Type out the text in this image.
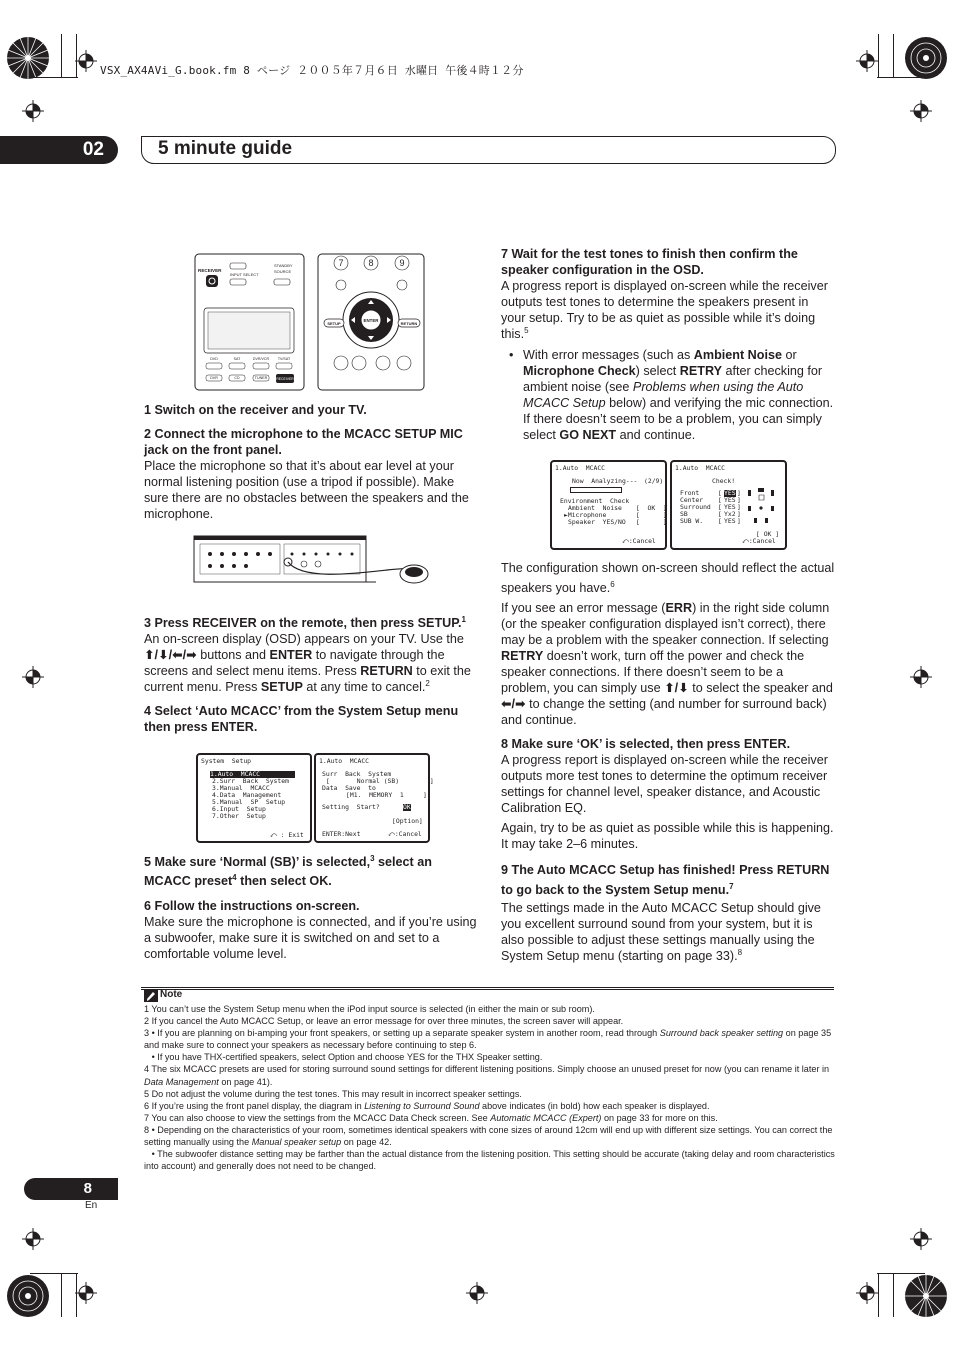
VSX_AX4AVi_G.book.fm 8 ページ ２００５年７月６日 水曜日 午後４時１２分
02	5 minute guide
RECEIVER
INPUT SELECT
STANDBY
SOURCE
DVD	SAT	DVR/VCR TV/SAT
DVR	CD	TUNER	RECEIVER
7	8	9
ENTER
SETUP	RETURN

1 Switch on the receiver and your TV.

2 Connect the microphone to the MCACC SETUP MIC jack on the front panel.

Place the microphone so that it’s about ear level at your normal listening position (use a tripod if possible). Make sure there are no obstacles between the speakers and the microphone.

3 Press RECEIVER on the remote, then press SETUP.$^1$

An on-screen display (OSD) appears on your TV. Use the ⬆/⬇/⬅/➡ buttons and ENTER to navigate through the screens and select menu items. Press RETURN to exit the current menu. Press SETUP at any time to cancel.$^2$

4 Select ‘Auto MCACC’ from the System Setup menu then press ENTER.

System  Setup
1.Auto  MCACC
2.Surr  Back  System
3.Manual  MCACC
4.Data  Management
5.Manual  SP  Setup
6.Input  Setup
7.Other  Setup
⤺ : Exit
1.Auto  MCACC
Surr  Back  System
[       Normal (SB)        ]
Data  Save  to
[M1.  MEMORY  1     ]
Setting  Start?	OK
[Option]
ENTER:Next	⤺:Cancel

5 Make sure ‘Normal (SB)’ is selected,$^3$ select an MCACC preset$^4$ then select OK.

6 Follow the instructions on-screen.

Make sure the microphone is connected, and if you’re using a subwoofer, make sure it is switched on and set to a comfortable volume level.

7 Wait for the test tones to finish then confirm the speaker configuration in the OSD.

A progress report is displayed on-screen while the receiver outputs test tones to determine the speakers present in your setup. Try to be as quiet as possible while it’s doing this.$^5$

• With error messages (such as Ambient Noise or Microphone Check) select RETRY after checking for ambient noise (see Problems when using the Auto MCACC Setup below) and verifying the mic connection. If there doesn’t seem to be a problem, you can simply select GO NEXT and continue.
1.Auto  MCACC
Now  Analyzing--- (2/9)
Environment  Check
Ambient  Noise [  OK  ]
►Microphone	[      ]
Speaker  YES/NO [      ]
⤺:Cancel
1.Auto  MCACC
Check!
Front	[ YES ]
Center [ YES ]
Surround [ YES ]
SB	[ Yx2 ]
SUB W. [ YES ]
[ OK ]
⤺:Cancel

The configuration shown on-screen should reflect the actual speakers you have.$^6$

If you see an error message (ERR) in the right side column (or the speaker configuration displayed isn’t correct), there may be a problem with the speaker connection. If selecting RETRY doesn’t work, turn off the power and check the speaker connections. If there doesn’t seem to be a problem, you can simply use ⬆/⬇ to select the speaker and ⬅/➡ to change the setting (and number for surround back) and continue.

8 Make sure ‘OK’ is selected, then press ENTER.

A progress report is displayed on-screen while the receiver outputs more test tones to determine the optimum receiver settings for channel level, speaker distance, and Acoustic Calibration EQ.

Again, try to be as quiet as possible while this is happening. It may take 2–6 minutes.

9 The Auto MCACC Setup has finished! Press RETURN to go back to the System Setup menu.$^7$

The settings made in the Auto MCACC Setup should give you excellent surround sound from your system, but it is also possible to adjust these settings manually using the System Setup menu (starting on page 33).$^8$

Note

1 You can’t use the System Setup menu when the iPod input source is selected (in either the main or sub room).

2 If you cancel the Auto MCACC Setup, or leave an error message for over three minutes, the screen saver will appear.

3 • If you are planning on bi-amping your front speakers, or setting up a separate speaker system in another room, read through Surround back speaker setting on page 35 and make sure to connect your speakers as necessary before continuing to step 6.

• If you have THX-certified speakers, select Option and choose YES for the THX Speaker setting.

4 The six MCACC presets are used for storing surround sound settings for different listening positions. Simply choose an unused preset for now (you can rename it later in Data Management on page 41).

5 Do not adjust the volume during the test tones. This may result in incorrect speaker settings.

6 If you’re using the front panel display, the diagram in Listening to Surround Sound above indicates (in bold) how each speaker is displayed.

7 You can also choose to view the settings from the MCACC Data Check screen. See Automatic MCACC (Expert) on page 33 for more on this.

8 • Depending on the characteristics of your room, sometimes identical speakers with cone sizes of around 12cm will end up with different size settings. You can correct the setting manually using the Manual speaker setup on page 42.

• The subwoofer distance setting may be farther than the actual distance from the listening position. This setting should be accurate (taking delay and room characteristics into account) and generally does not need to be changed.

8
En
